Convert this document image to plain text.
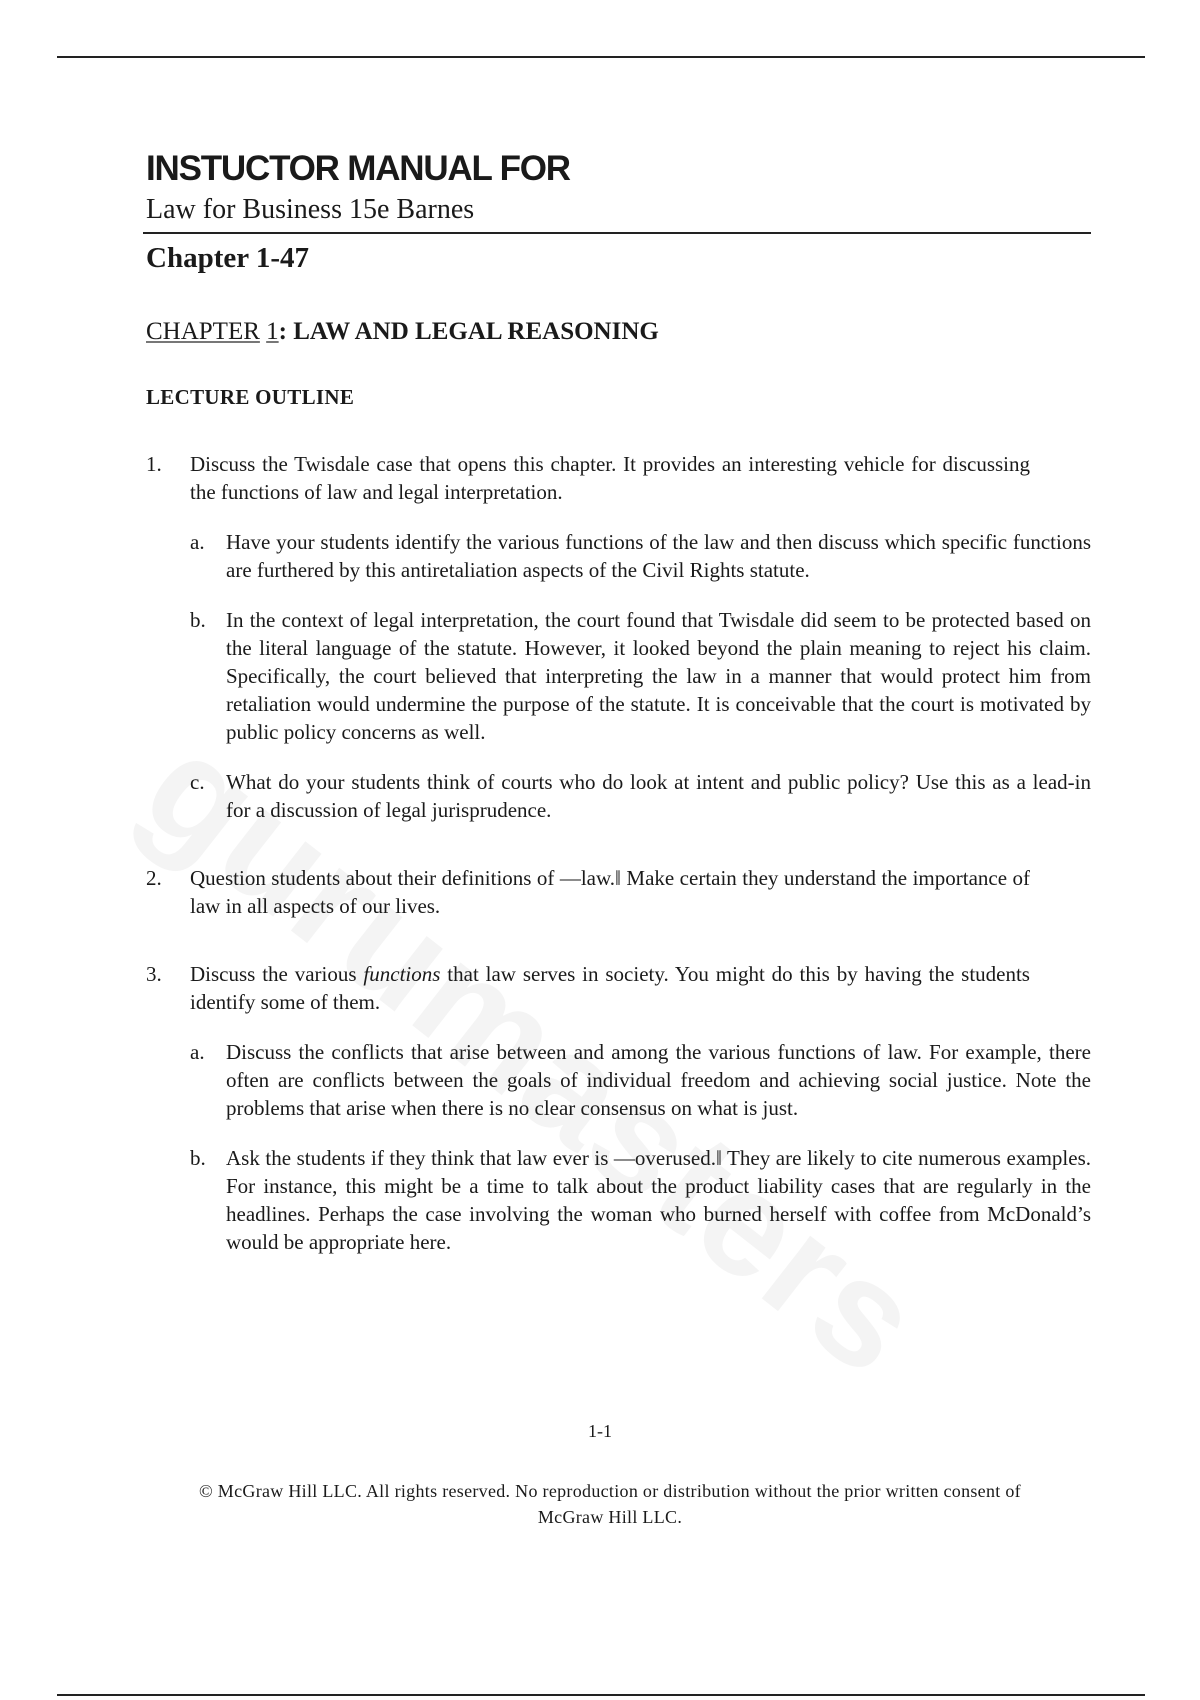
INSTUCTOR MANUAL FOR
Law for Business 15e Barnes
Chapter 1-47
CHAPTER 1: LAW AND LEGAL REASONING
LECTURE OUTLINE
1. Discuss the Twisdale case that opens this chapter. It provides an interesting vehicle for discussing the functions of law and legal interpretation.
a. Have your students identify the various functions of the law and then discuss which specific functions are furthered by this antiretaliation aspects of the Civil Rights statute.
b. In the context of legal interpretation, the court found that Twisdale did seem to be protected based on the literal language of the statute. However, it looked beyond the plain meaning to reject his claim. Specifically, the court believed that interpreting the law in a manner that would protect him from retaliation would undermine the purpose of the statute. It is conceivable that the court is motivated by public policy concerns as well.
c. What do your students think of courts who do look at intent and public policy? Use this as a lead-in for a discussion of legal jurisprudence.
2. Question students about their definitions of —law.‖ Make certain they understand the importance of law in all aspects of our lives.
3. Discuss the various functions that law serves in society. You might do this by having the students identify some of them.
a. Discuss the conflicts that arise between and among the various functions of law. For example, there often are conflicts between the goals of individual freedom and achieving social justice. Note the problems that arise when there is no clear consensus on what is just.
b. Ask the students if they think that law ever is —overused.‖ They are likely to cite numerous examples. For instance, this might be a time to talk about the product liability cases that are regularly in the headlines. Perhaps the case involving the woman who burned herself with coffee from McDonald’s would be appropriate here.
1-1
© McGraw Hill LLC. All rights reserved. No reproduction or distribution without the prior written consent of McGraw Hill LLC.
